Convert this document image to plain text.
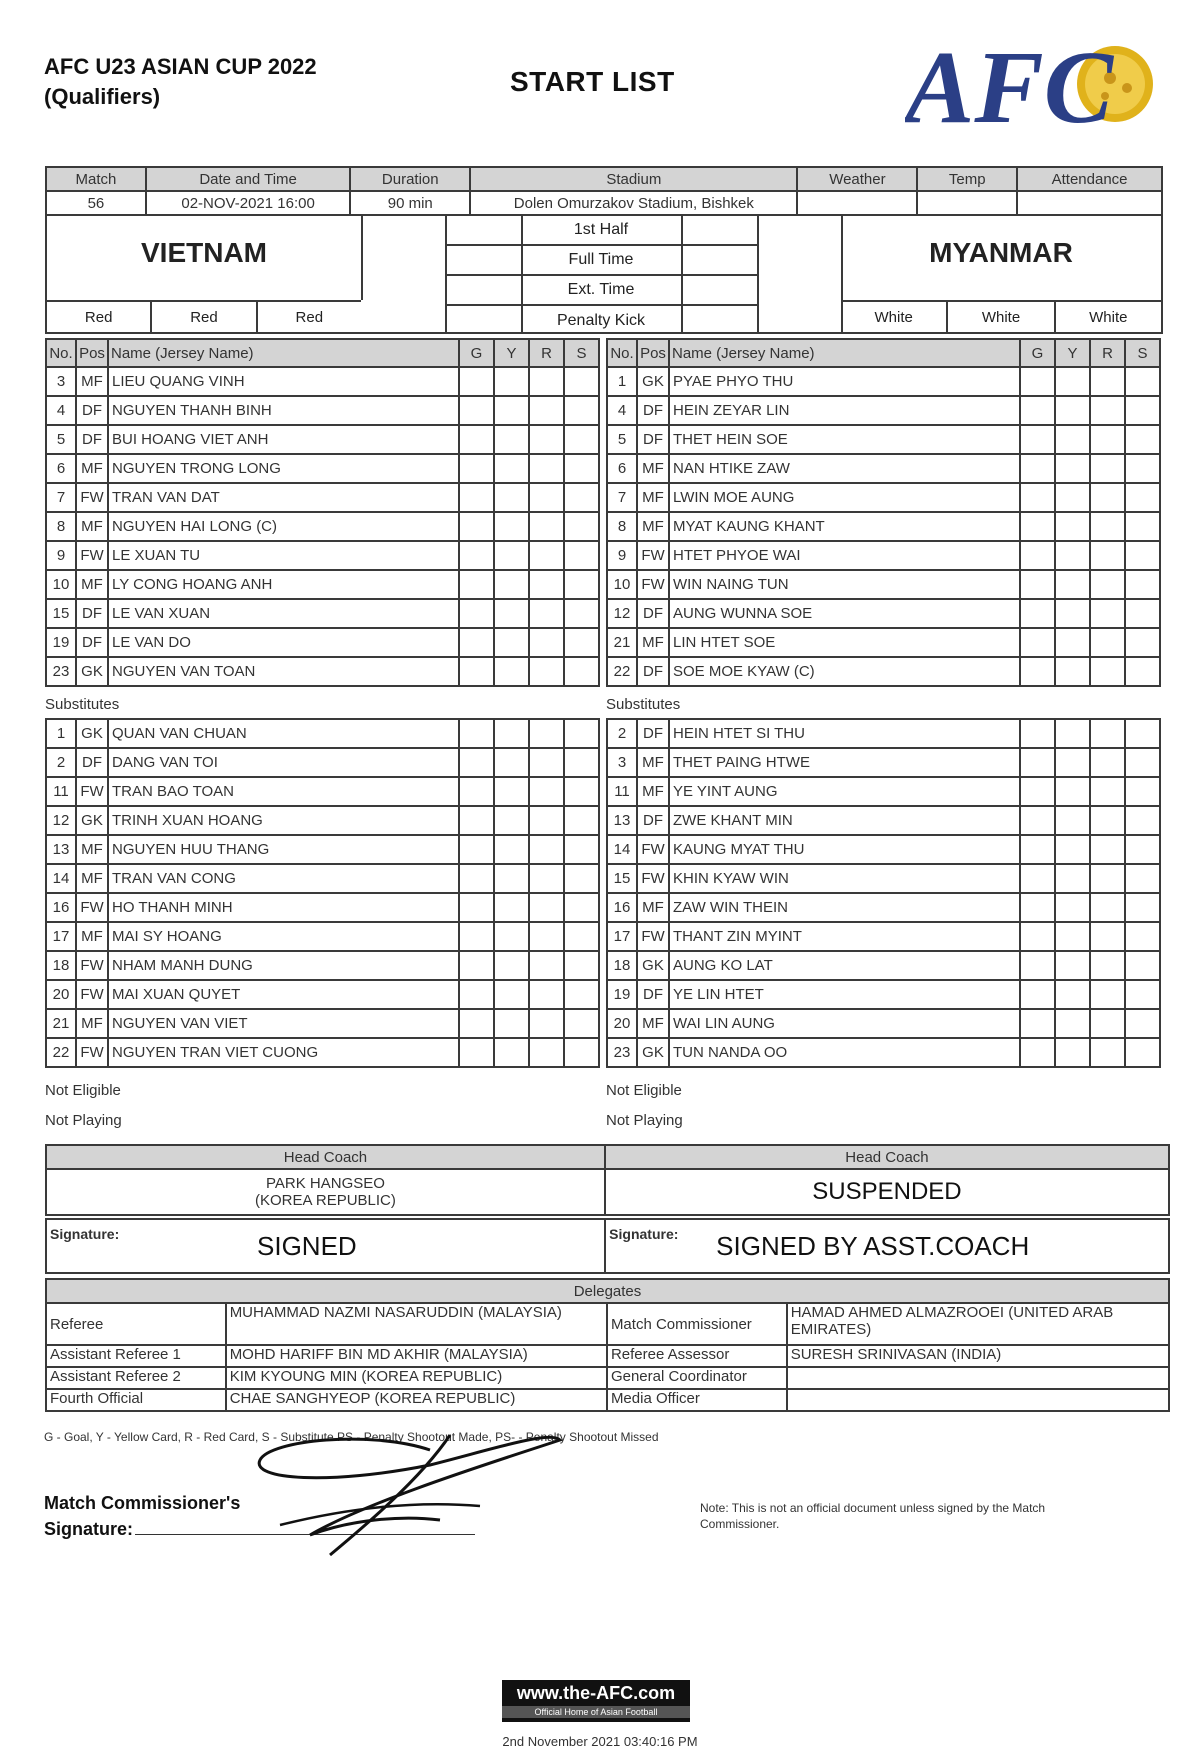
AFC U23 ASIAN CUP 2022
(Qualifiers)	START LIST AFC
Match	Date and Time	Duration	Stadium	Weather	Temp	Attendance
56	02-NOV-2021 16:00	90 min	Dolen Omurzakov Stadium, Bishkek			
VIETNAM
Red	Red	Red
1st Half
Full Time
Ext. Time
Penalty Kick
MYANMAR
White	White	White
No.	Pos	Name (Jersey Name)	G	Y	R	S
3	MF	LIEU QUANG VINH				
4	DF	NGUYEN THANH BINH				
5	DF	BUI HOANG VIET ANH				
6	MF	NGUYEN TRONG LONG				
7	FW	TRAN VAN DAT				
8	MF	NGUYEN HAI LONG (C)				
9	FW	LE XUAN TU				
10	MF	LY CONG HOANG ANH				
15	DF	LE VAN XUAN				
19	DF	LE VAN DO				
23	GK	NGUYEN VAN TOAN				
No.	Pos	Name (Jersey Name)	G	Y	R	S
1	GK	PYAE PHYO THU				
4	DF	HEIN ZEYAR LIN				
5	DF	THET HEIN SOE				
6	MF	NAN HTIKE ZAW				
7	MF	LWIN MOE AUNG				
8	MF	MYAT KAUNG KHANT				
9	FW	HTET PHYOE WAI				
10	FW	WIN NAING TUN				
12	DF	AUNG WUNNA SOE				
21	MF	LIN HTET SOE				
22	DF	SOE MOE KYAW (C)				
Substitutes	Substitutes
1	GK	QUAN VAN CHUAN				
2	DF	DANG VAN TOI				
11	FW	TRAN BAO TOAN				
12	GK	TRINH XUAN HOANG				
13	MF	NGUYEN HUU THANG				
14	MF	TRAN VAN CONG				
16	FW	HO THANH MINH				
17	MF	MAI SY HOANG				
18	FW	NHAM MANH DUNG				
20	FW	MAI XUAN QUYET				
21	MF	NGUYEN VAN VIET				
22	FW	NGUYEN TRAN VIET CUONG				
2	DF	HEIN HTET SI THU				
3	MF	THET PAING HTWE				
11	MF	YE YINT AUNG				
13	DF	ZWE KHANT MIN				
14	FW	KAUNG MYAT THU				
15	FW	KHIN KYAW WIN				
16	MF	ZAW WIN THEIN				
17	FW	THANT ZIN MYINT				
18	GK	AUNG KO LAT				
19	DF	YE LIN HTET				
20	MF	WAI LIN AUNG				
23	GK	TUN NANDA OO				
Not Eligible
Not Playing
Not Eligible
Not Playing
Head Coach	Head Coach

PARK HANGSEO
(KOREA REPUBLIC)	SUSPENDED
Signature:	SIGNED	Signature: SIGNED BY ASST.COACH
Delegates			
Referee	MUHAMMAD NAZMI NASARUDDIN (MALAYSIA)	Match Commissioner	HAMAD AHMED ALMAZROOEI (UNITED ARAB EMIRATES)
Assistant Referee 1	MOHD HARIFF BIN MD AKHIR (MALAYSIA)	Referee Assessor	SURESH SRINIVASAN (INDIA)
Assistant Referee 2	KIM KYOUNG MIN (KOREA REPUBLIC)	General Coordinator	
Fourth Official	CHAE SANGHYEOP (KOREA REPUBLIC)	Media Officer	
G - Goal, Y - Yellow Card, R - Red Card, S - Substitute PS - Penalty Shootout Made, PS- - Penalty Shootout Missed
Match Commissioner's
Signature:
Note: This is not an official document unless signed by the Match Commissioner.
www.the-AFC.com
Official Home of Asian Football
2nd November 2021 03:40:16 PM
